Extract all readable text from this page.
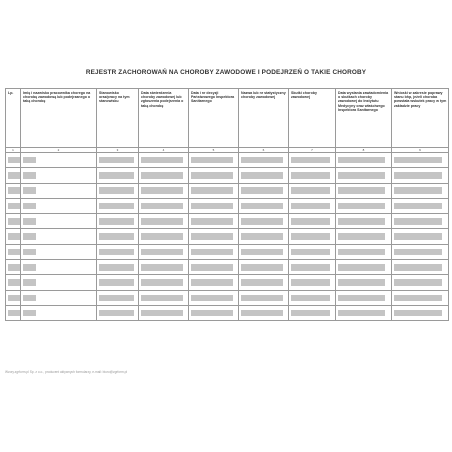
REJESTR ZACHOROWAŃ NA CHOROBY ZAWODOWE I PODEJRZEŃ O TAKIE CHOROBY
Lp.	Imię i nazwisko pracownika chorego na chorobę zawodową lub podejrzanego o taką chorobę	Stanowisko oraz/pracy na tym stanowisku	Data stwierdzenia choroby zawodowej lub zgłoszenia podejrzenia o taką chorobę	Data i nr decyzji Państwowego Inspektora Sanitarnego	Nazwa lub nr statystyczny choroby zawodowej	Skutki choroby zawodowej	Data wysłania zawiadomienia o skutkach choroby zawodowej do Instytutu Medycyny oraz właściwego Inspektora Sanitarnego	Wnioski w zakresie poprawy stanu bhp, jeżeli choroba powstała wskutek pracy w tym zakładzie pracy
1	2	3	4	5	6	7	8	9

Wzory.zgrform.pl Sp. z o.o., producent aktywnych formularzy, e-mail: biuro@zgrform.pl
